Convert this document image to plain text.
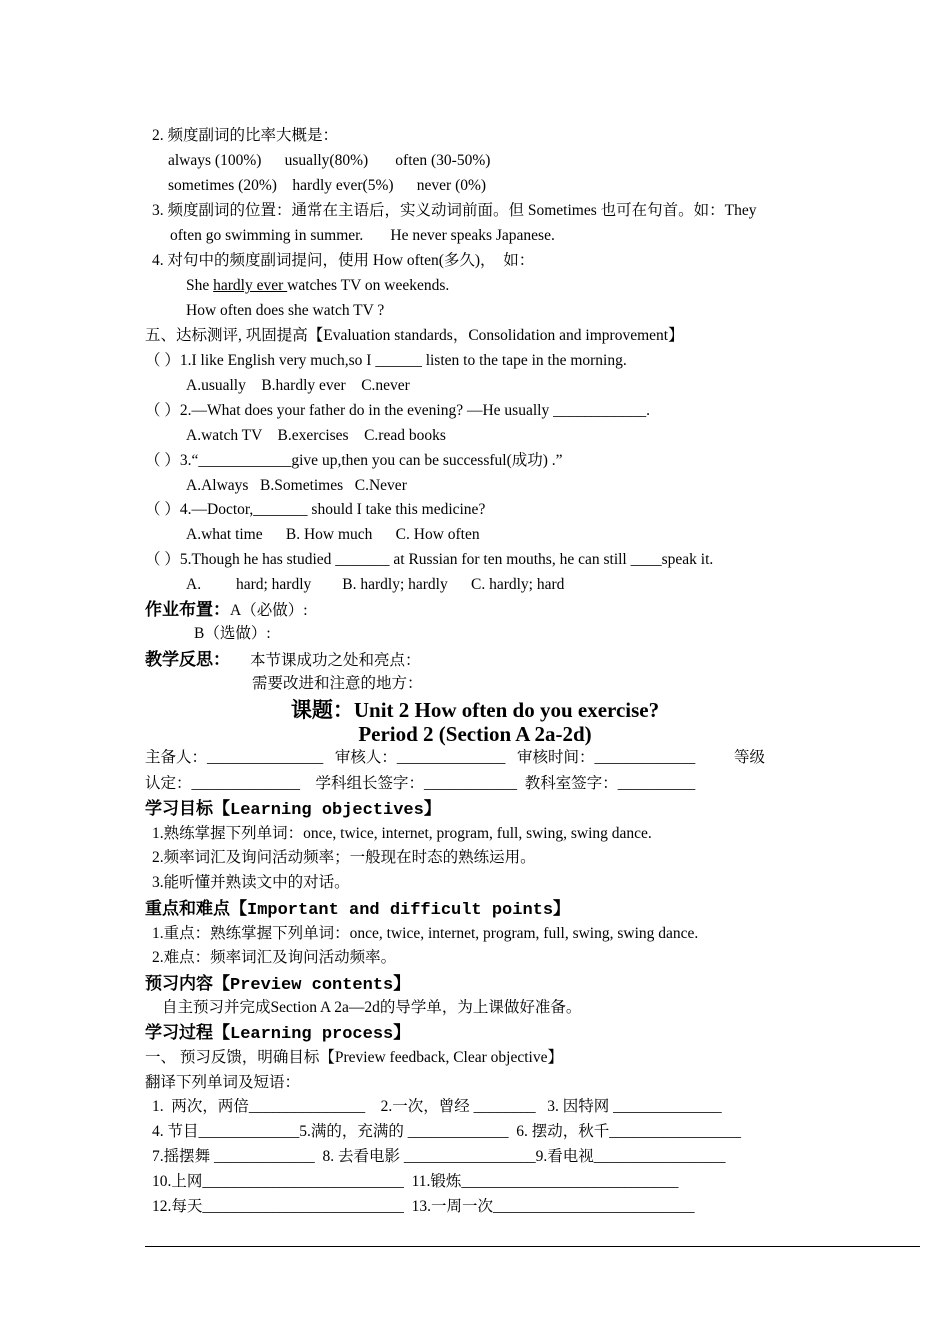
2. 频度副词的比率大概是：
always (100%)      usually(80%)       often (30-50%)
sometimes (20%)    hardly ever(5%)      never (0%)
3. 频度副词的位置：通常在主语后，实义动词前面。但 Sometimes 也可在句首。如：They
often go swimming in summer.       He never speaks Japanese.
4. 对句中的频度副词提问，使用 How often(多久)，  如：
She hardly ever watches TV on weekends.
How often does she watch TV ?
五、达标测评, 巩固提高【Evaluation standards，Consolidation and improvement】
（ ）1.I like English very much,so I ______ listen to the tape in the morning.
A.usually    B.hardly ever    C.never
（ ）2.—What does your father do in the evening? —He usually ____________.
A.watch TV    B.exercises    C.read books
（ ）3.“____________give up,then you can be successful(成功) .”
A.Always   B.Sometimes   C.Never
（ ）4.—Doctor,_______ should I take this medicine?
A.what time      B. How much      C. How often
（ ）5.Though he has studied _______ at Russian for ten mouths, he can still ____speak it.
A.         hard; hardly        B. hardly; hardly      C. hardly; hard
作业布置：A（必做）:
B（选做）:
教学反思： 本节课成功之处和亮点：
需要改进和注意的地方：
课题：Unit 2 How often do you exercise?
Period 2 (Section A 2a-2d)
主备人：_______________   审核人：______________   审核时间：_____________          等级
认定：______________    学科组长签字：____________  教科室签字：__________
学习目标【Learning objectives】
1.熟练掌握下列单词：once, twice, internet, program, full, swing, swing dance.
2.频率词汇及询问活动频率；一般现在时态的熟练运用。
3.能听懂并熟读文中的对话。
重点和难点【Important and difficult points】
1.重点：熟练掌握下列单词：once, twice, internet, program, full, swing, swing dance.
2.难点：频率词汇及询问活动频率。
预习内容【Preview contents】
自主预习并完成Section A 2a—2d的导学单，为上课做好准备。
学习过程【Learning process】
一、 预习反馈，明确目标【Preview feedback, Clear objective】
翻译下列单词及短语：
1.  两次，两倍_______________    2.一次，曾经 ________   3. 因特网 ______________
4. 节目_____________5.满的，充满的 _____________  6. 摆动，秋千_________________
7.摇摆舞 _____________  8. 去看电影 _________________9.看电视_________________
10.上网__________________________  11.锻炼____________________________
12.每天__________________________  13.一周一次__________________________
